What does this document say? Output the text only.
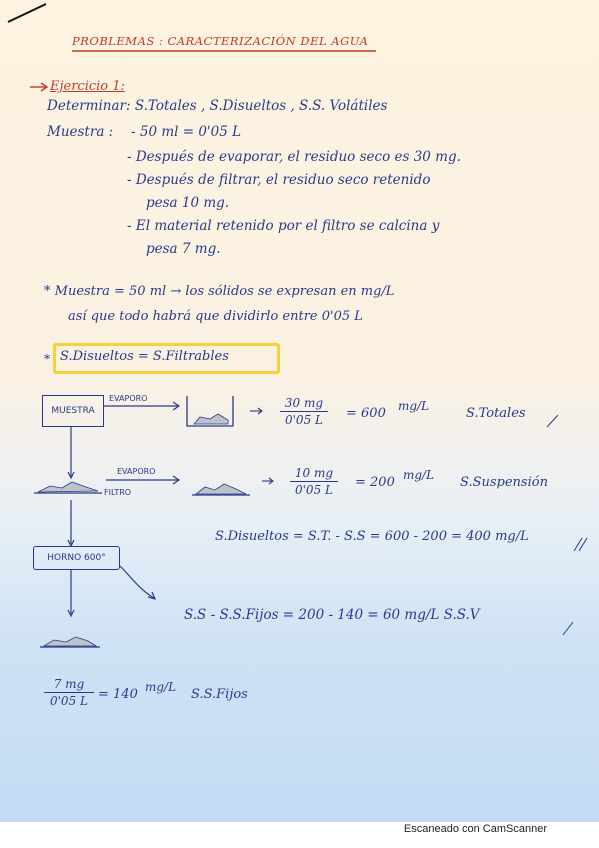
PROBLEMAS : CARACTERIZACIÓN DEL AGUA
Ejercicio 1:
Determinar: S.Totales , S.Disueltos , S.S. Volátiles
Muestra : - 50 ml = 0'05 L
- Después de evaporar, el residuo seco es 30 mg.
- Después de filtrar, el residuo seco retenido
pesa 10 mg.
- El material retenido por el filtro se calcina y
pesa 7 mg.
* Muestra = 50 ml → los sólidos se expresan en mg/L
así que todo habrá que dividirlo entre 0'05 L
* S.Disueltos = S.Filtrables
MUESTRA
EVAPORO
EVAPORO
FILTRO
HORNO 600°
$\frac{30 mg}{0'05 L} = 600$ mg/L	S.Totales
$\frac{10 mg}{0'05 L} = 200$ mg/L S.Suspensión
S.Disueltos = S.T. - S.S = 600 - 200 = 400 mg/L
S.S - S.S.Fijos = 200 - 140 = 60 mg/L S.S.V
$\frac{7 mg}{0'05 L} = 140$ mg/L S.S.Fijos
Escaneado con CamScanner
